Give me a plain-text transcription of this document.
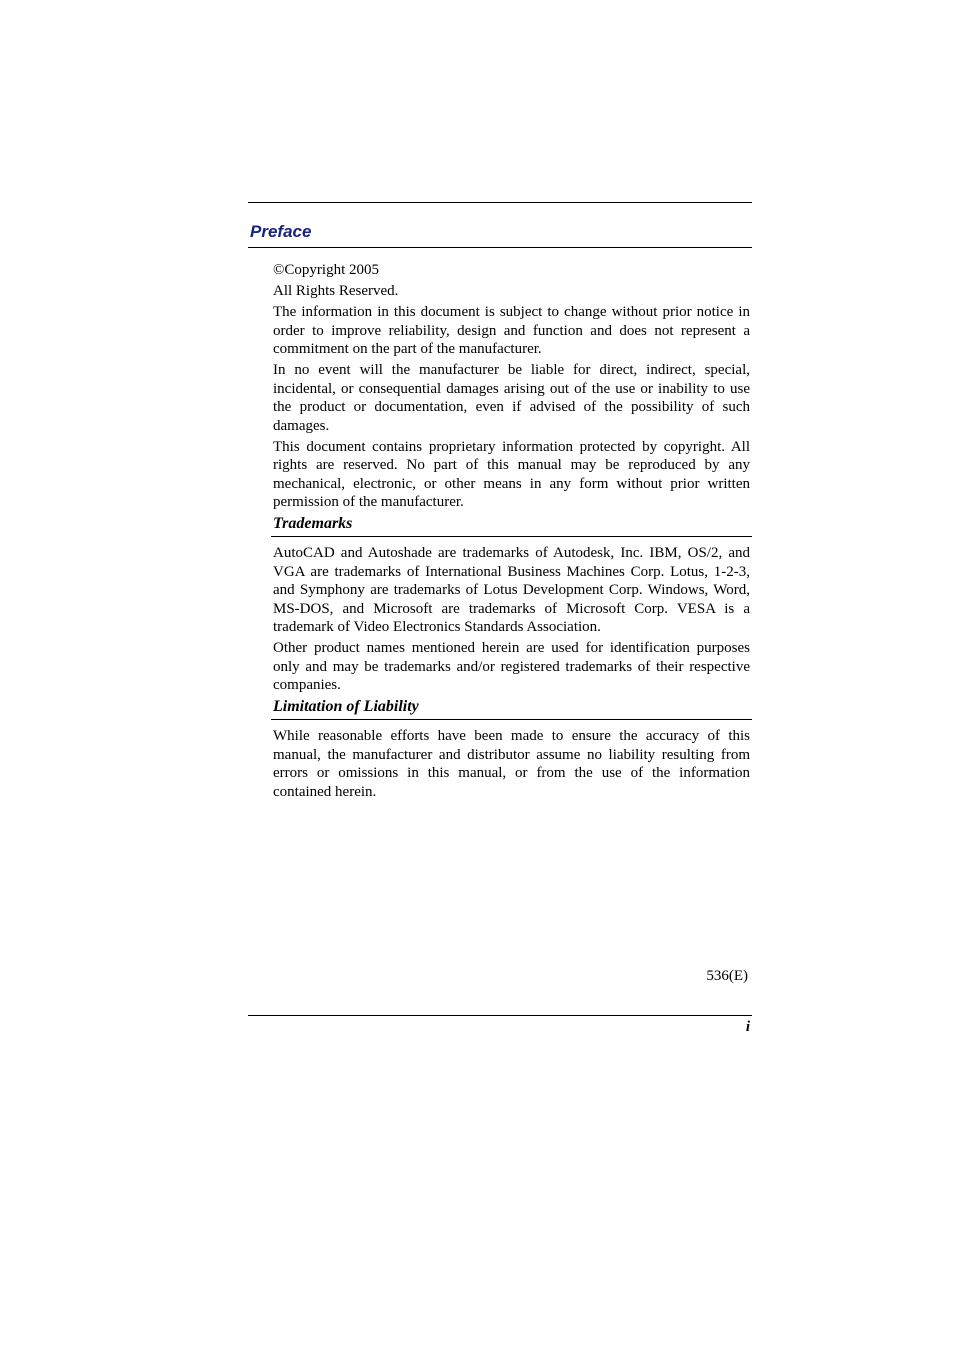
Preface

©Copyright 2005

All Rights Reserved.

The information in this document is subject to change without prior notice in order to improve reliability, design and function and does not represent a commitment on the part of the manufacturer.

In no event will the manufacturer be liable for direct, indirect, special, incidental, or consequential damages arising out of the use or inability to use the product or documentation, even if advised of the possibility of such damages.

This document contains proprietary information protected by copyright. All rights are reserved. No part of this manual may be reproduced by any mechanical, electronic, or other means in any form without prior written permission of the manufacturer.

Trademarks

AutoCAD and Autoshade are trademarks of Autodesk, Inc. IBM, OS/2, and VGA are trademarks of International Business Machines Corp. Lotus, 1-2-3, and Symphony are trademarks of Lotus Development Corp. Windows, Word, MS-DOS, and Microsoft are trademarks of Microsoft Corp. VESA is a trademark of Video Electronics Standards Association.

Other product names mentioned herein are used for identification purposes only and may be trademarks and/or registered trademarks of their respective companies.

Limitation of Liability

While reasonable efforts have been made to ensure the accuracy of this manual, the manufacturer and distributor assume no liability resulting from errors or omissions in this manual, or from the use of the information contained herein.

536(E)
i
